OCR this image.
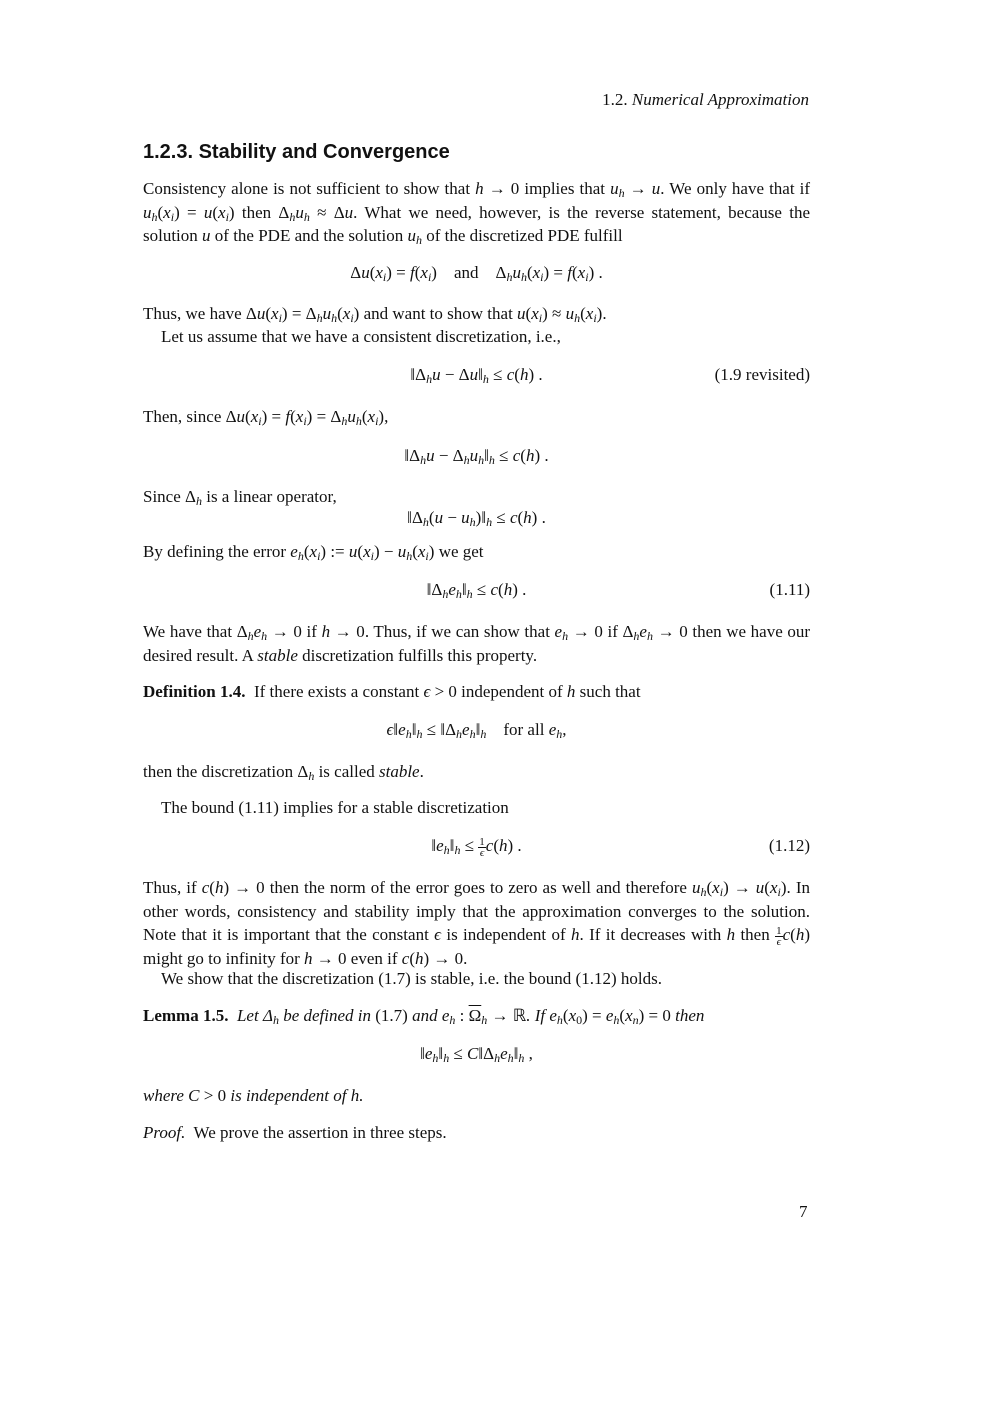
1.2. Numerical Approximation
1.2.3. Stability and Convergence
Consistency alone is not sufficient to show that h → 0 implies that $u_h \to u$. We only have that if $u_h(x_i) = u(x_i)$ then $\Delta_hu_h \approx \Delta u$. What we need, however, is the reverse statement, because the solution u of the PDE and the solution $u_h$ of the discretized PDE fulfill
$\Delta u(x_i) = f(x_i)$    and    $\Delta_hu_h(x_i) = f(x_i)$ .
Thus, we have $\Delta u(x_i) = \Delta_hu_h(x_i)$ and want to show that $u(x_i) \approx u_h(x_i)$.
Let us assume that we have a consistent discretization, i.e.,
$‖\Delta_hu$ − $\Delta u‖_h \le c(h)$ .	(1.9 revisited)
Then, since $\Delta u(x_i) = f(x_i) = \Delta_hu_h(x_i)$,
$‖\Delta_hu$ − $\Delta_hu_h‖_h \le c(h)$ .
Since $\Delta_h$ is a linear operator,
$‖\Delta_h(u$ − $u_h)‖_h \le c(h)$ .
By defining the error $e_h(x_i)$ := $u(x_i) - u_h(x_i)$ we get
$‖\Delta_he_h‖_h \le c(h)$ .	(1.11)
We have that $\Delta_he_h \to 0$ if h → 0. Thus, if we can show that $e_h \to 0$ if $\Delta_he_h \to 0$ then we have our desired result. A stable discretization fulfills this property.
Definition 1.4. If there exists a constant ϵ > 0 independent of h such that
$\epsilon‖e_h‖_h$ ≤ $‖\Delta_he_h‖_h$ for all $e_h$,
then the discretization $\Delta_h$ is called stable.
The bound (1.11) implies for a stable discretization
$‖e_h‖_h \le \frac{1}{\epsilon} c(h)$ .	(1.12)
Thus, if c(h) → 0 then the norm of the error goes to zero as well and therefore $u_h(x_i) \to u(x_i)$. In other words, consistency and stability imply that the approximation converges to the solution. Note that it is important that the constant ϵ is independent of h. If it decreases with h then $\frac{1}{\epsilon} c(h)$ might go to infinity for h → 0 even if c(h) → 0.
We show that the discretization (1.7) is stable, i.e. the bound (1.12) holds.
Lemma 1.5. Let $\Delta_h$ be defined in (1.7) and $e_h$ : $\overline{\Omega}_h$ → ℝ. If $e_h(x_0) = e_h(x_n) = 0$ then
$‖e_h‖_h$ ≤ $C‖\Delta_he_h‖_h$ ,
where C > 0 is independent of h.
Proof. We prove the assertion in three steps.
7
